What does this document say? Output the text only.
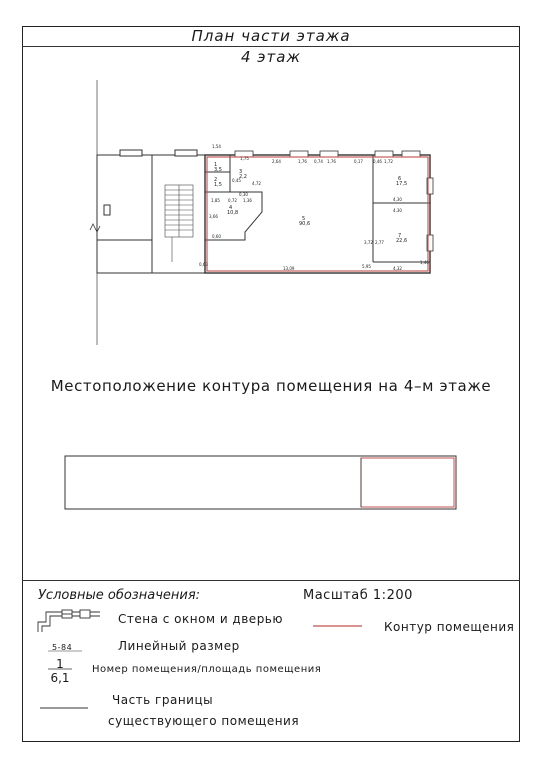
План части этажа
4 этаж
1,54
1,75
2,64	1,76 0,74 1,76	0,17	0,46 1,72
4,72
1,85 0,72 1,36
3,66
0,45
0,30
0,60
4,30
4,30
13,09	4,32
3,72 2,77
5,95
1,46
0,63
1
3,5
2
1,5
3
2,2
4
10,8
5
90,6
6
17,5
7
22,6
Местоположение контура помещения на 4–м этаже
Условные обозначения:	Масштаб 1:200
Стена с окном и дверью
5-84	Линейный размер
1
6,1
Номер помещения/площадь помещения
Контур помещения
Часть границы
существующего помещения
